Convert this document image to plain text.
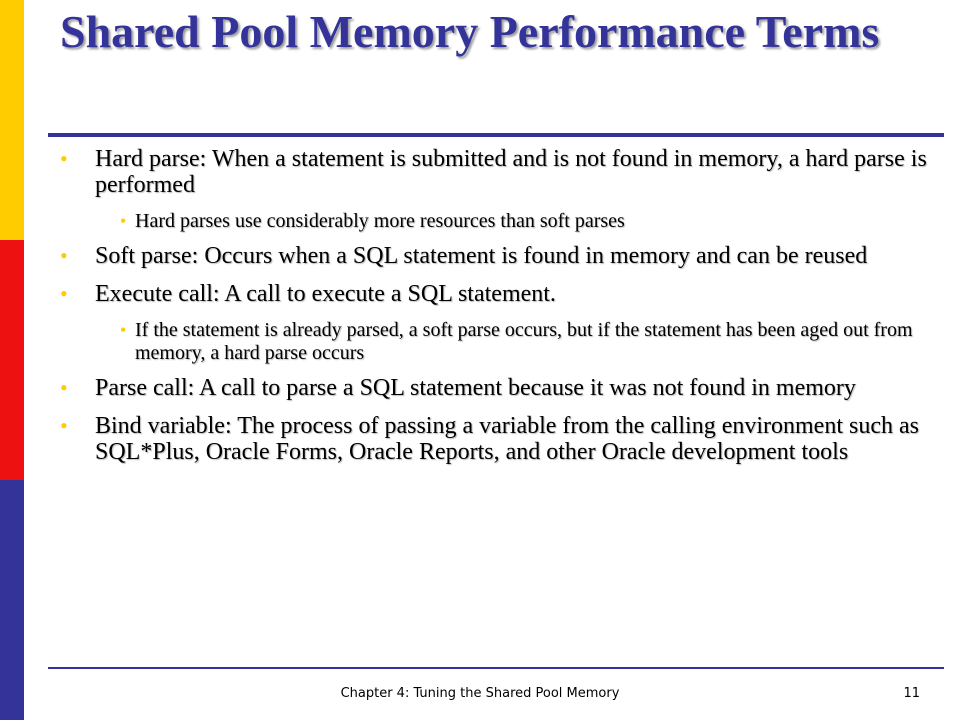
Shared Pool Memory Performance Terms
• Hard parse: When a statement is submitted and is not found in memory, a hard parse is performed
• Hard parses use considerably more resources than soft parses
• Soft parse: Occurs when a SQL statement is found in memory and can be reused
• Execute call: A call to execute a SQL statement.
• If the statement is already parsed, a soft parse occurs, but if the statement has been aged out from memory, a hard parse occurs
• Parse call: A call to parse a SQL statement because it was not found in memory
• Bind variable: The process of passing a variable from the calling environment such as SQL*Plus, Oracle Forms, Oracle Reports, and other Oracle development tools
Chapter 4: Tuning the Shared Pool Memory	11
